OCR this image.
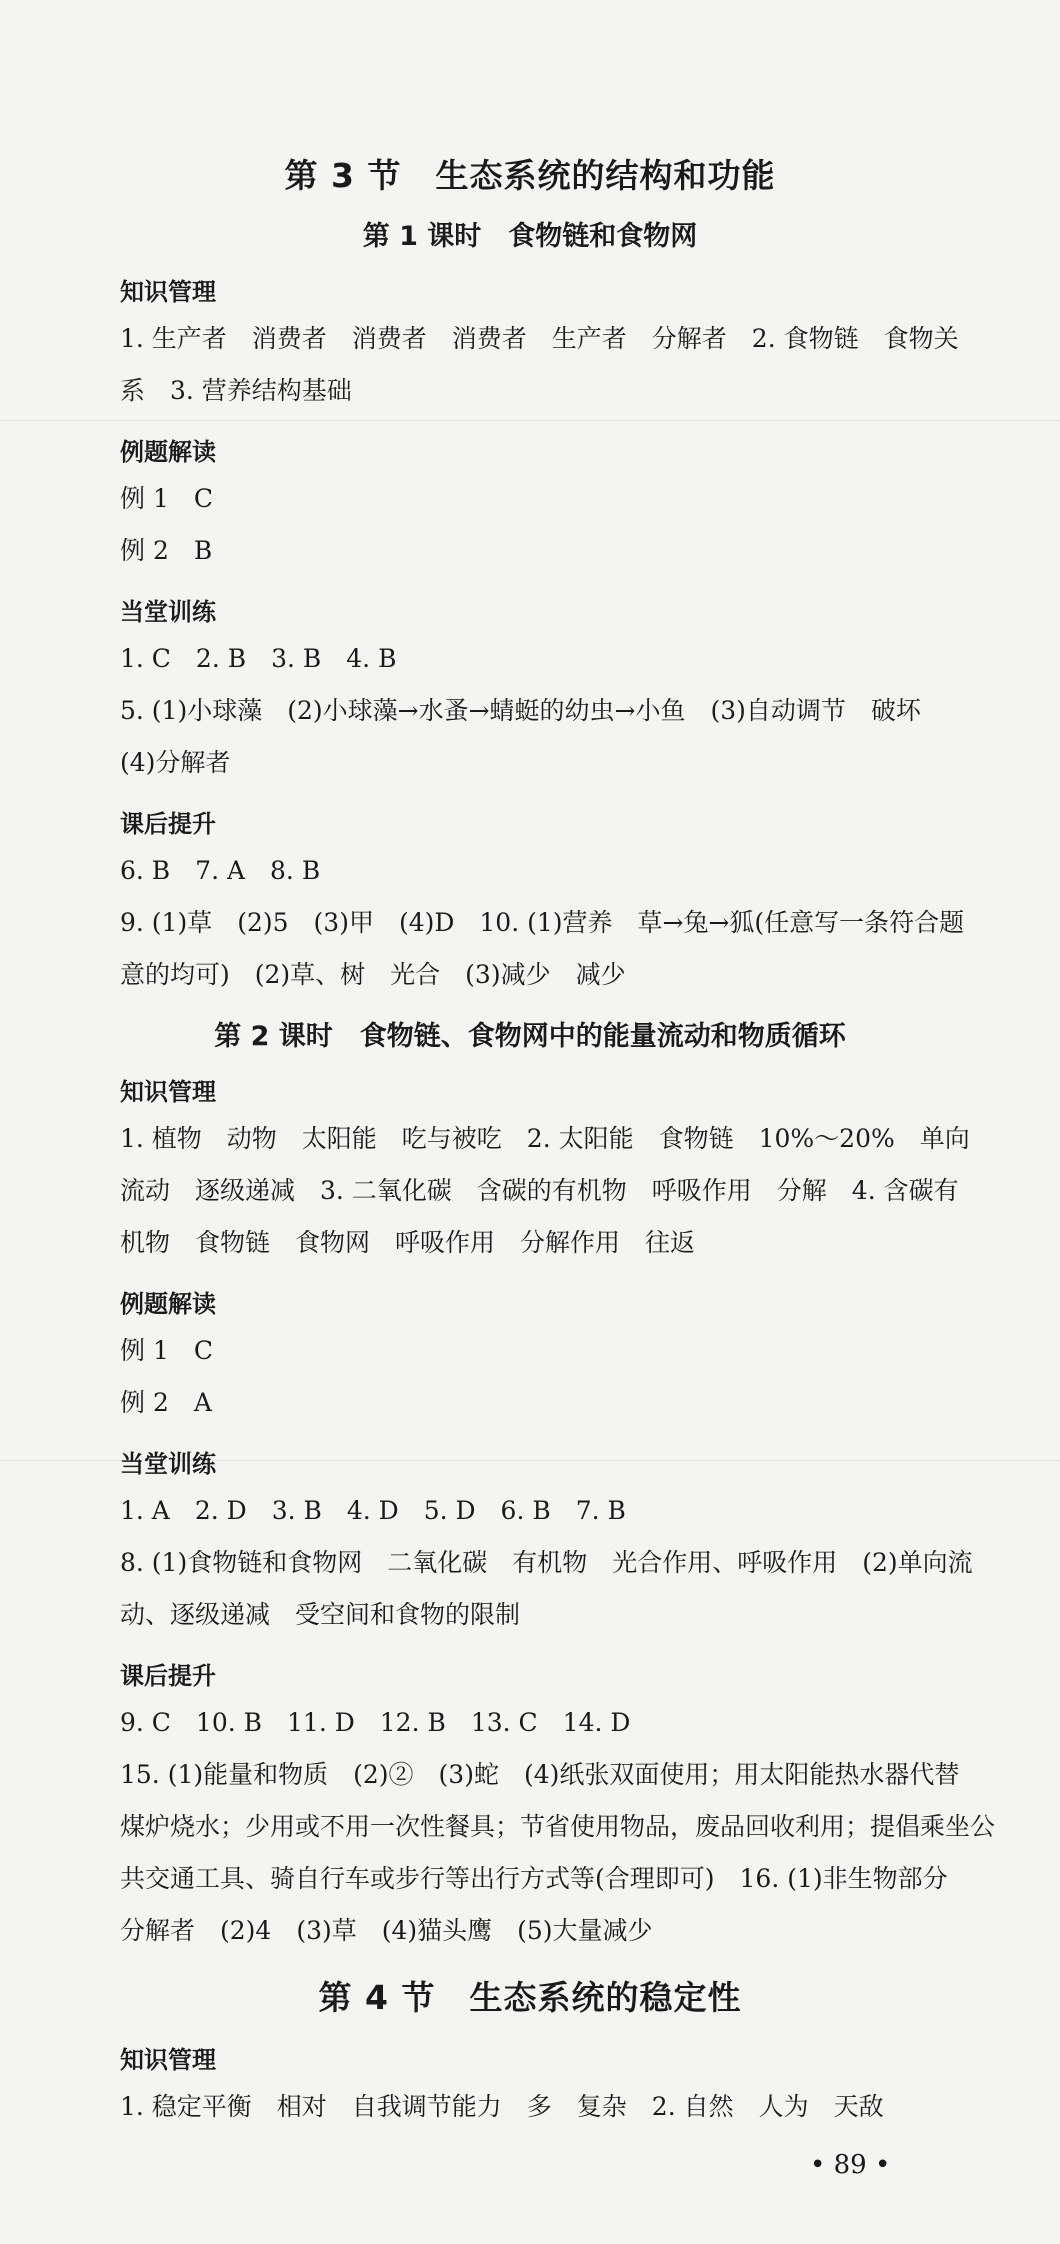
第 3 节　生态系统的结构和功能
第 1 课时　食物链和食物网
知识管理
1. 生产者　消费者　消费者　消费者　生产者　分解者　2. 食物链　食物关
系　3. 营养结构基础
例题解读
例 1　C
例 2　B
当堂训练
1. C　2. B　3. B　4. B
5. (1)小球藻　(2)小球藻→水蚤→蜻蜓的幼虫→小鱼　(3)自动调节　破坏
(4)分解者
课后提升
6. B　7. A　8. B
9. (1)草　(2)5　(3)甲　(4)D　10. (1)营养　草→兔→狐(任意写一条符合题
意的均可)　(2)草、树　光合　(3)减少　减少
第 2 课时　食物链、食物网中的能量流动和物质循环
知识管理
1. 植物　动物　太阳能　吃与被吃　2. 太阳能　食物链　10%～20%　单向
流动　逐级递减　3. 二氧化碳　含碳的有机物　呼吸作用　分解　4. 含碳有
机物　食物链　食物网　呼吸作用　分解作用　往返
例题解读
例 1　C
例 2　A
当堂训练
1. A　2. D　3. B　4. D　5. D　6. B　7. B
8. (1)食物链和食物网　二氧化碳　有机物　光合作用、呼吸作用　(2)单向流
动、逐级递减　受空间和食物的限制
课后提升
9. C　10. B　11. D　12. B　13. C　14. D
15. (1)能量和物质　(2)②　(3)蛇　(4)纸张双面使用；用太阳能热水器代替
煤炉烧水；少用或不用一次性餐具；节省使用物品，废品回收利用；提倡乘坐公
共交通工具、骑自行车或步行等出行方式等(合理即可)　16. (1)非生物部分
分解者　(2)4　(3)草　(4)猫头鹰　(5)大量减少
第 4 节　生态系统的稳定性
知识管理
1. 稳定平衡　相对　自我调节能力　多　复杂　2. 自然　人为　天敌
• 89 •
